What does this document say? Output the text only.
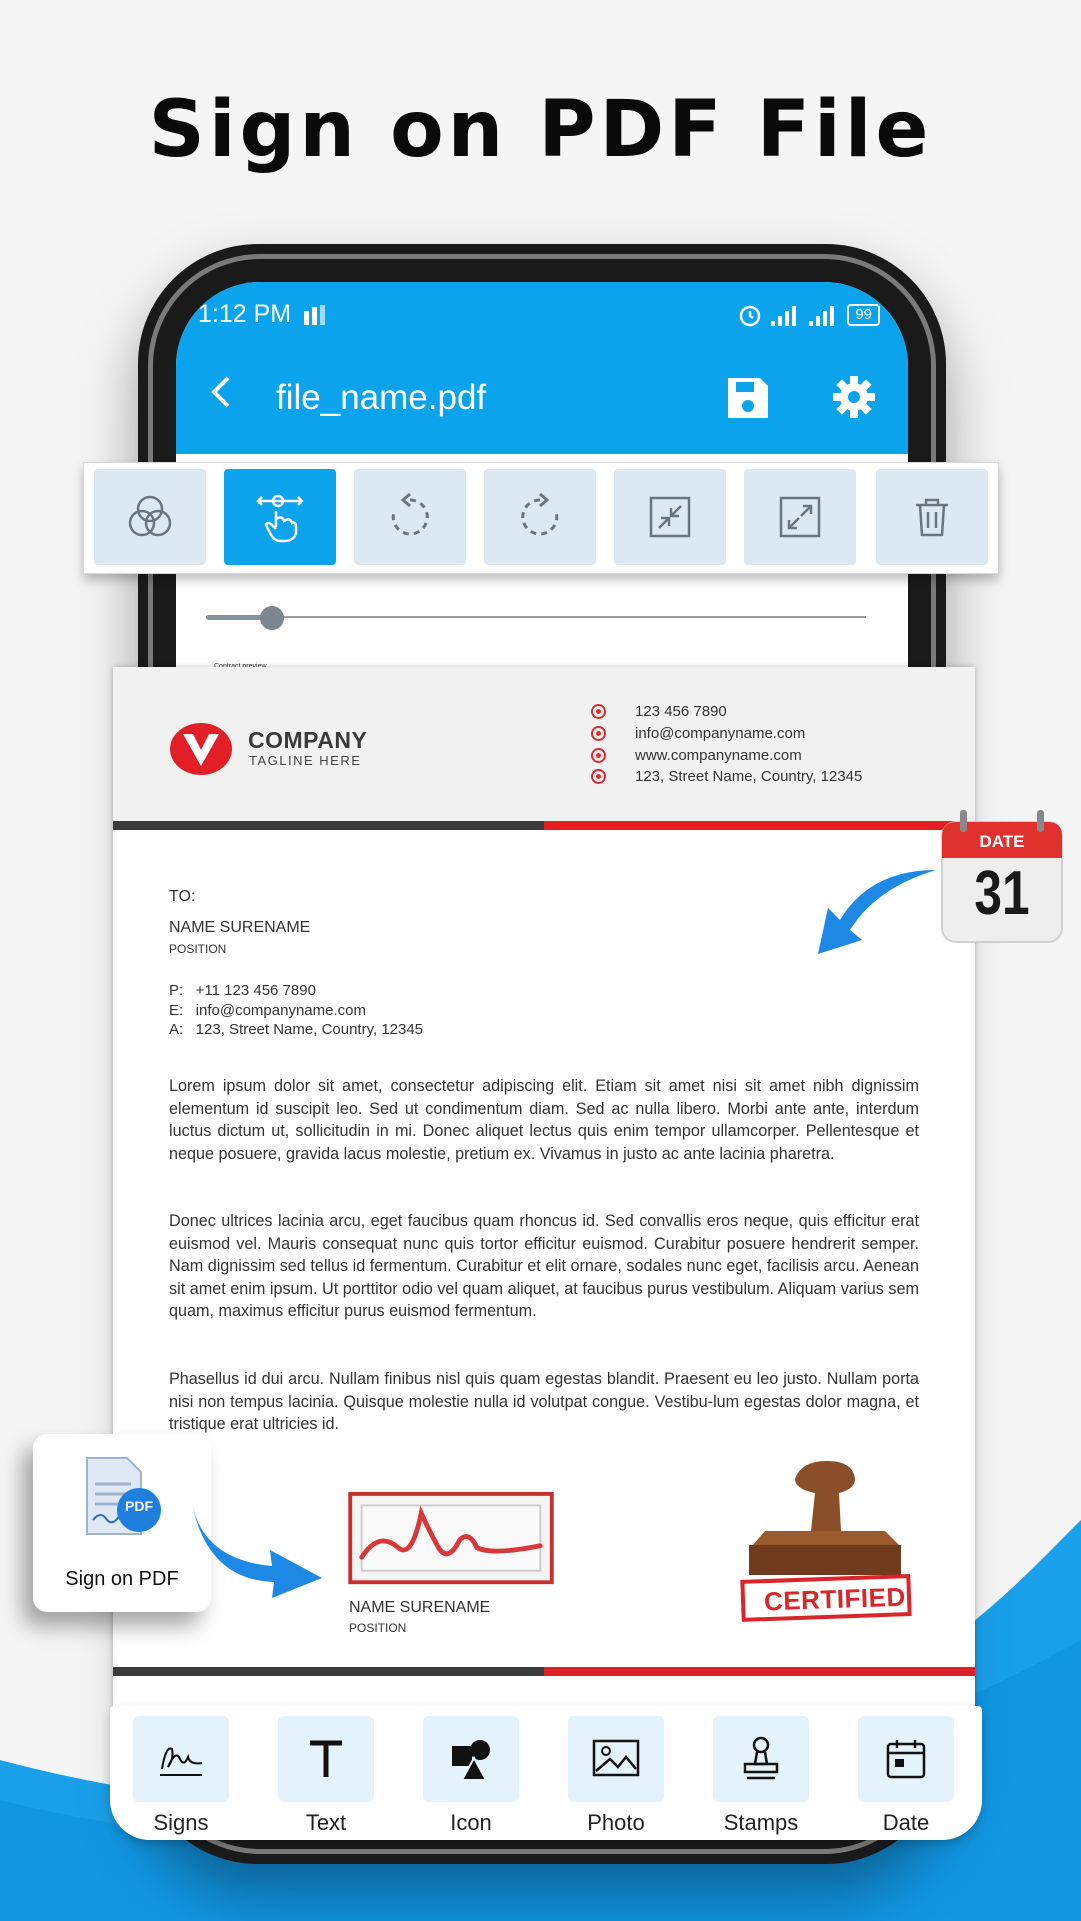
Sign on PDF File
1:12 PM	99
file_name.pdf
COMPANY
TAGLINE HERE
123 456 7890
info@companyname.com
www.companyname.com
123, Street Name, Country, 12345
TO:
NAME SURENAME
POSITION
P:   +11 123 456 7890
E:   info@companyname.com
A:   123, Street Name, Country, 12345
Lorem ipsum dolor sit amet, consectetur adipiscing elit. Etiam sit amet nisi sit amet nibh dignissim elementum id suscipit leo. Sed ut condimentum diam. Sed ac nulla libero. Morbi ante ante, interdum luctus dictum ut, sollicitudin in mi. Donec aliquet lectus quis enim tempor ullamcorper. Pellentesque et neque posuere, gravida lacus molestie, pretium ex. Vivamus in justo ac ante lacinia pharetra.
Donec ultrices lacinia arcu, eget faucibus quam rhoncus id. Sed convallis eros neque, quis efficitur erat euismod vel. Mauris consequat nunc quis tortor efficitur euismod. Curabitur posuere hendrerit semper. Nam dignissim sed tellus id fermentum. Curabitur et elit ornare, sodales nunc eget, facilisis arcu. Aenean sit amet enim ipsum. Ut porttitor odio vel quam aliquet, at faucibus purus vestibulum. Aliquam varius sem quam, maximus efficitur purus euismod fermentum.
Phasellus id dui arcu. Nullam finibus nisl quis quam egestas blandit. Praesent eu leo justo. Nullam porta nisi non tempus lacinia. Quisque molestie nulla id volutpat congue. Vestibu-lum egestas dolor magna, et tristique erat ultricies id.
NAME SURENAME
POSITION
CERTIFIED
DATE
31
PDF
Sign on PDF
Signs	Text	Icon	Photo	Stamps	Date
